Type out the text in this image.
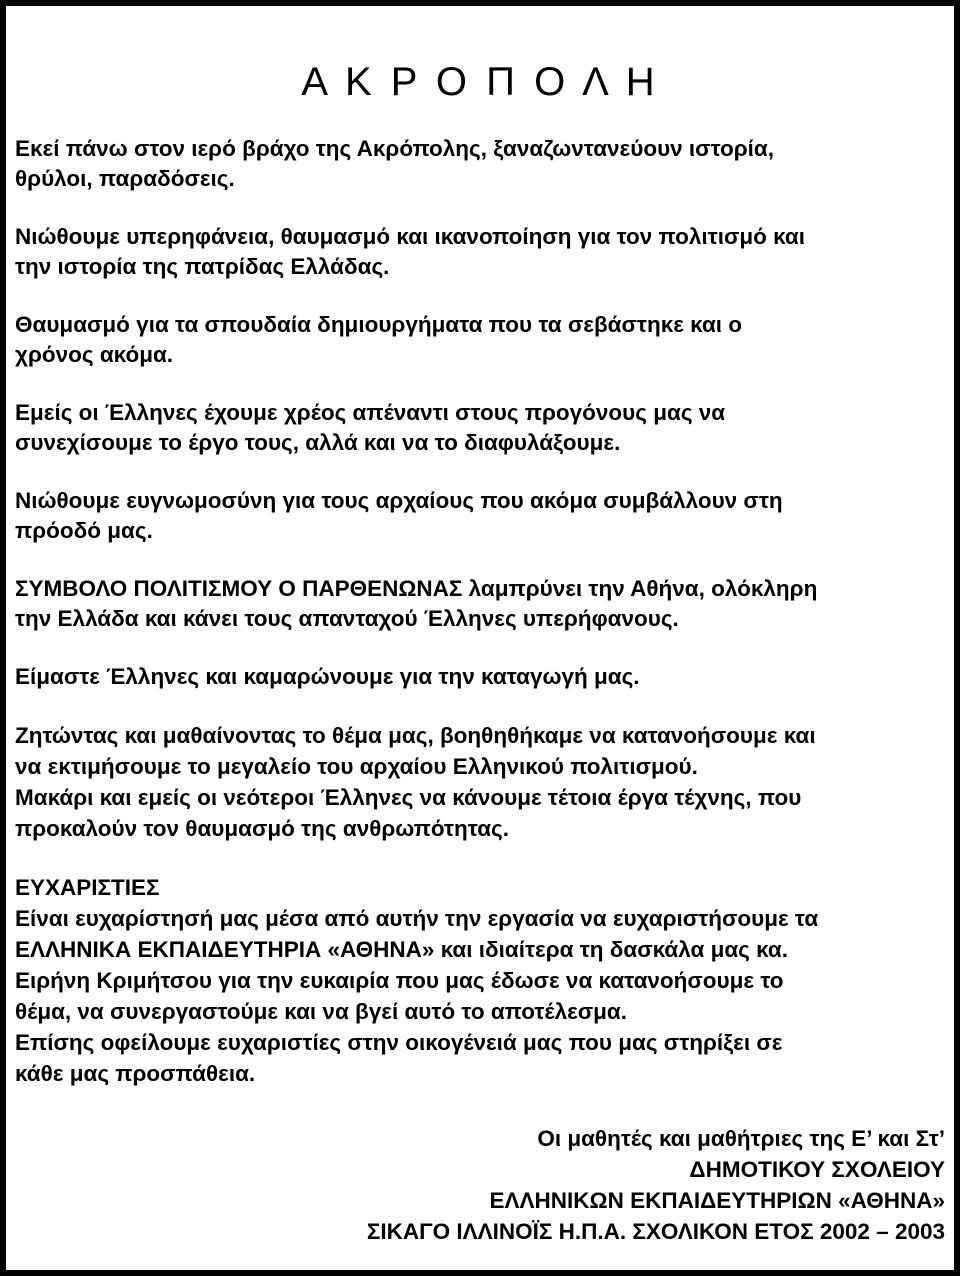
Α Κ Ρ Ο Π Ο Λ Η
Εκεί πάνω στον ιερό βράχο της Ακρόπολης, ξαναζωντανεύουν ιστορία,
θρύλοι, παραδόσεις.
Νιώθουμε υπερηφάνεια, θαυμασμό και ικανοποίηση για τον πολιτισμό και
την ιστορία της πατρίδας Ελλάδας.
Θαυμασμό για τα σπουδαία δημιουργήματα που τα σεβάστηκε και ο
χρόνος ακόμα.
Εμείς οι Έλληνες έχουμε χρέος απέναντι στους προγόνους μας να
συνεχίσουμε το έργο τους, αλλά και να το διαφυλάξουμε.
Νιώθουμε ευγνωμοσύνη για τους αρχαίους που ακόμα συμβάλλουν στη
πρόοδό μας.
ΣΥΜΒΟΛΟ ΠΟΛΙΤΙΣΜΟΥ Ο ΠΑΡΘΕΝΩΝΑΣ λαμπρύνει την Αθήνα, ολόκληρη
την Ελλάδα και κάνει τους απανταχού Έλληνες υπερήφανους.
Είμαστε Έλληνες και καμαρώνουμε για την καταγωγή μας.
Ζητώντας και μαθαίνοντας το θέμα μας, βοηθηθήκαμε να κατανοήσουμε και
να εκτιμήσουμε το μεγαλείο του αρχαίου Ελληνικού πολιτισμού.
Μακάρι και εμείς οι νεότεροι Έλληνες να κάνουμε τέτοια έργα τέχνης, που
προκαλούν τον θαυμασμό της ανθρωπότητας.
ΕΥΧΑΡΙΣΤΙΕΣ
Είναι ευχαρίστησή μας μέσα από αυτήν την εργασία να ευχαριστήσουμε τα
ΕΛΛΗΝΙΚΑ ΕΚΠΑΙΔΕΥΤΗΡΙΑ «ΑΘΗΝΑ» και ιδιαίτερα τη δασκάλα μας κα.
Ειρήνη Κριμήτσου για την ευκαιρία που μας έδωσε να κατανοήσουμε το
θέμα, να συνεργαστούμε και να βγεί αυτό το αποτέλεσμα.
Επίσης οφείλουμε ευχαριστίες στην οικογένειά μας που μας στηρίξει σε
κάθε μας προσπάθεια.
Οι μαθητές και μαθήτριες της Ε’ και Στ’
ΔΗΜΟΤΙΚΟΥ ΣΧΟΛΕΙΟΥ
ΕΛΛΗΝΙΚΩΝ ΕΚΠΑΙΔΕΥΤΗΡΙΩΝ «ΑΘΗΝΑ»
ΣΙΚΑΓΟ ΙΛΛΙΝΟΪΣ Η.Π.Α. ΣΧΟΛΙΚΟΝ ΕΤΟΣ 2002 – 2003
